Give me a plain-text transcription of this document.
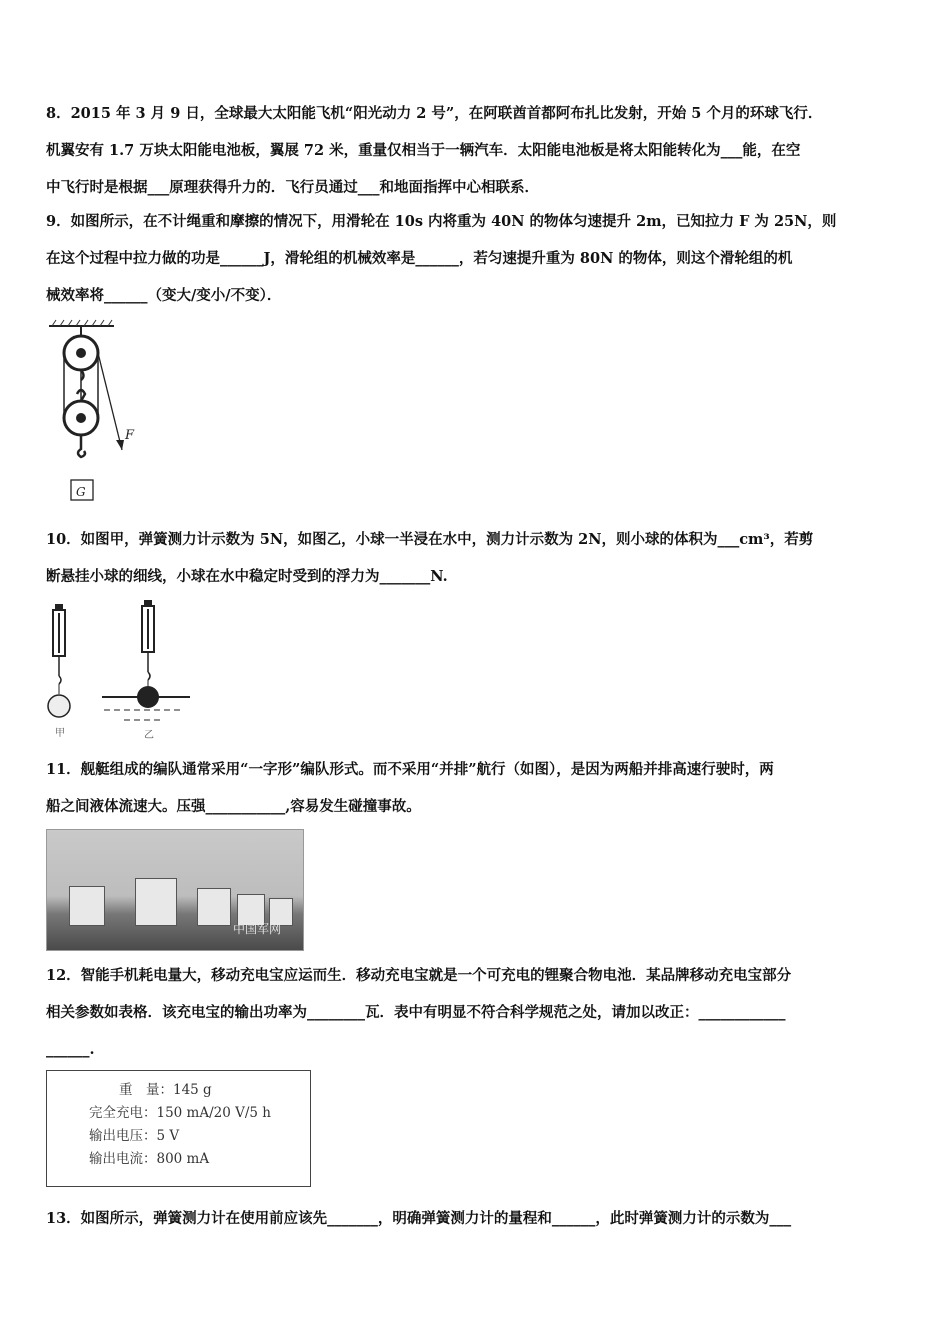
8．2015 年 3 月 9 日，全球最大太阳能飞机“阳光动力 2 号”，在阿联酋首都阿布扎比发射，开始 5 个月的环球飞行．
机翼安有 1.7 万块太阳能电池板，翼展 72 米，重量仅相当于一辆汽车．太阳能电池板是将太阳能转化为___能，在空
中飞行时是根据___原理获得升力的．飞行员通过___和地面指挥中心相联系．
9．如图所示，在不计绳重和摩擦的情况下，用滑轮在 10s 内将重为 40N 的物体匀速提升 2m，已知拉力 F 为 25N，则
在这个过程中拉力做的功是______J，滑轮组的机械效率是______，若匀速提升重为 80N 的物体，则这个滑轮组的机
械效率将______（变大/变小/不变）．
F
G
10．如图甲，弹簧测力计示数为 5N，如图乙，小球一半浸在水中，测力计示数为 2N，则小球的体积为___cm³，若剪
断悬挂小球的细线，小球在水中稳定时受到的浮力为_______N.
甲	乙
11．舰艇组成的编队通常采用“一字形”编队形式。而不采用“并排”航行（如图），是因为两船并排高速行驶时，两
船之间液体流速大。压强___________,容易发生碰撞事故。
中国军网
12．智能手机耗电量大，移动充电宝应运而生．移动充电宝就是一个可充电的锂聚合物电池．某品牌移动充电宝部分
相关参数如表格．该充电宝的输出功率为________瓦．表中有明显不符合科学规范之处，请加以改正：____________
______.
重　量：145 g
完全充电：150 mA/20 V/5 h
输出电压：5 V
输出电流：800 mA
13．如图所示，弹簧测力计在使用前应该先_______，明确弹簧测力计的量程和______，此时弹簧测力计的示数为___
